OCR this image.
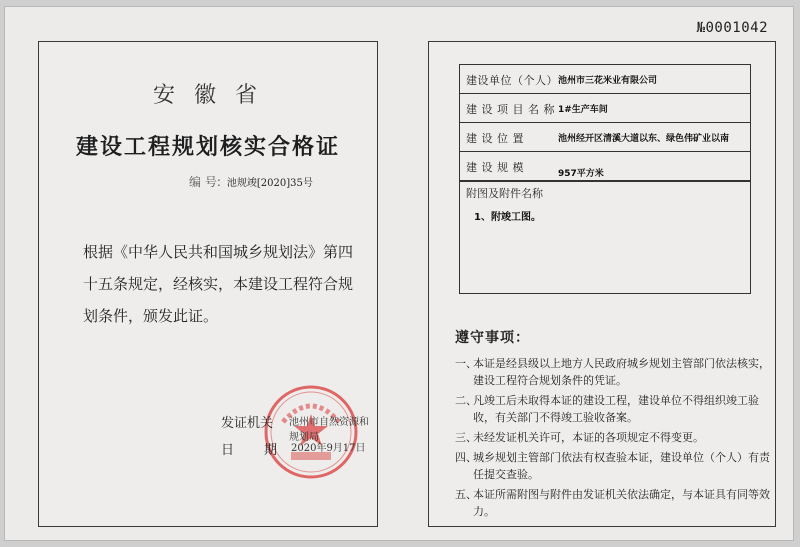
№0001042
安 徽 省
建设工程规划核实合格证
编 号: 池规竣[2020]35号
根据《中华人民共和国城乡规划法》第四十五条规定，经核实，本建设工程符合规划条件，颁发此证。
发证机关 池州市自然资源和规划局
日 期 2020年9月17日
建设单位（个人） 池州市三花米业有限公司
建 设 项 目 名 称 1#生产车间
建 设 位 置	池州经开区清溪大道以东、绿色伟矿业以南
建 设 规 模	957平方米
附图及附件名称
1、附竣工图。
遵守事项：
一、
本证是经县级以上地方人民政府城乡规划主管部门依法核实，建设工程符合规划条件的凭证。
二、
凡竣工后未取得本证的建设工程，建设单位不得组织竣工验收，有关部门不得竣工验收备案。
三、
未经发证机关许可，本证的各项规定不得变更。
四、
城乡规划主管部门依法有权查验本证，建设单位（个人）有责任提交查验。
五、
本证所需附图与附件由发证机关依法确定，与本证具有同等效力。
